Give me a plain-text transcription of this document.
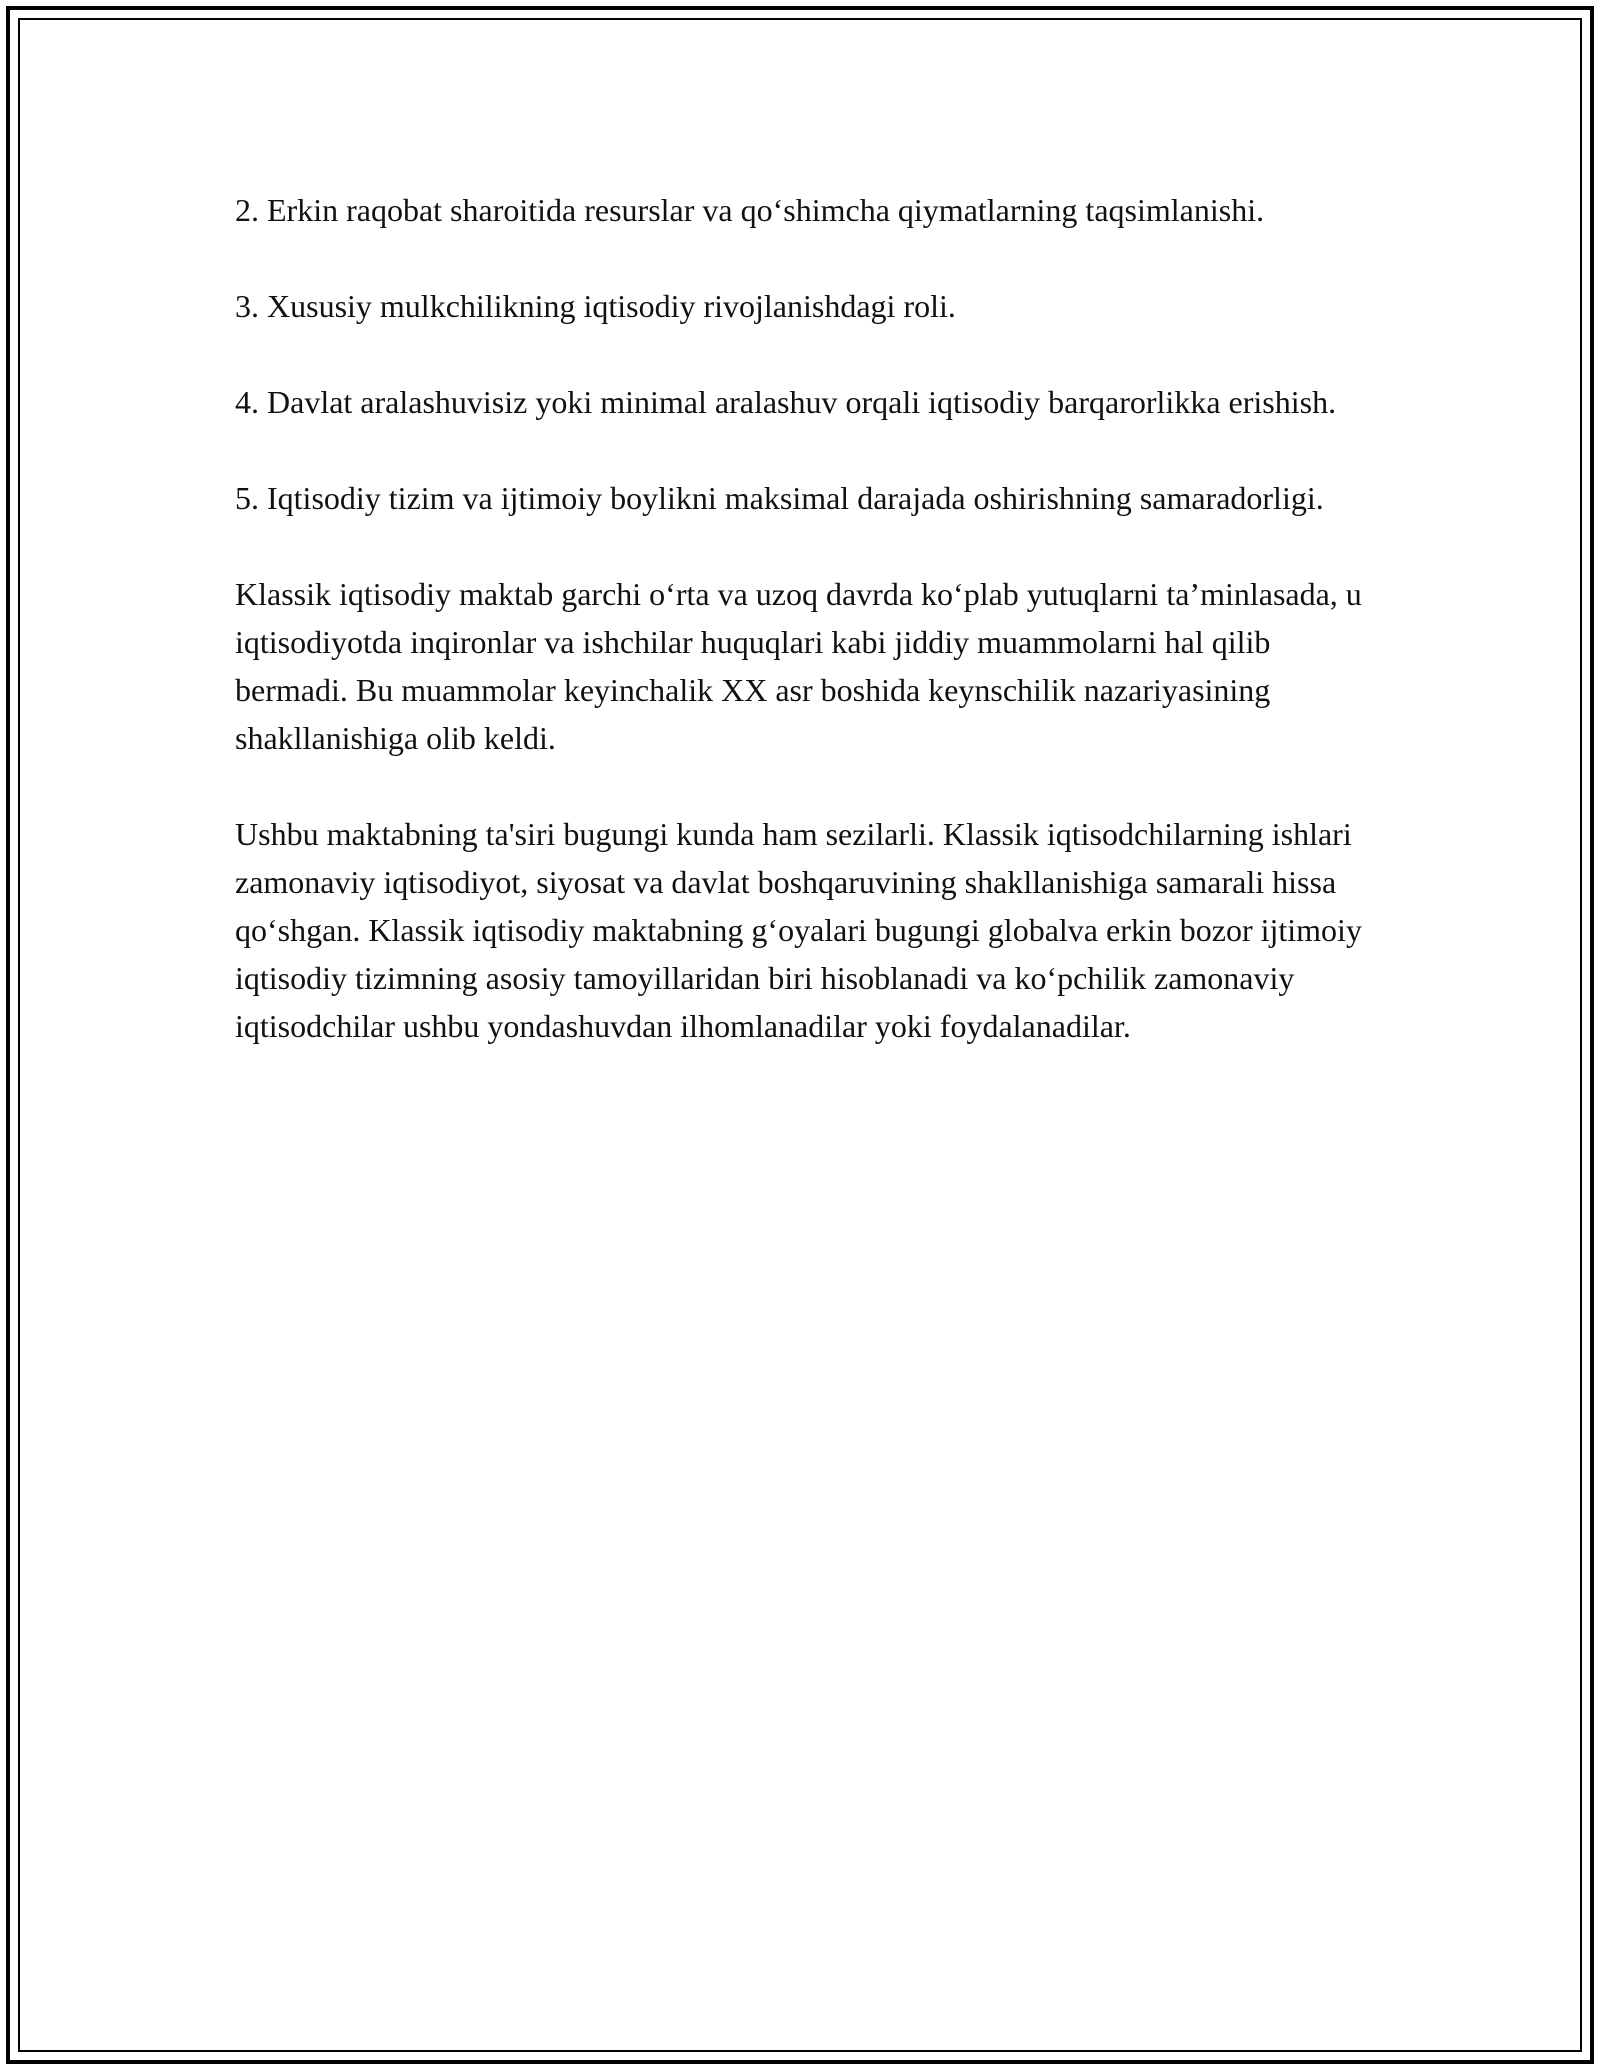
2. Erkin raqobat sharoitida resurslar va qo‘shimcha qiymatlarning taqsimlanishi.

3. Xususiy mulkchilikning iqtisodiy rivojlanishdagi roli.

4. Davlat aralashuvisiz yoki minimal aralashuv orqali iqtisodiy barqarorlikka erishish.

5. Iqtisodiy tizim va ijtimoiy boylikni maksimal darajada oshirishning samaradorligi.

Klassik iqtisodiy maktab garchi o‘rta va uzoq davrda ko‘plab yutuqlarni ta’minlasada, u iqtisodiyotda inqironlar va ishchilar huquqlari kabi jiddiy muammolarni hal qilib bermadi. Bu muammolar keyinchalik XX asr boshida keynschilik nazariyasining shakllanishiga olib keldi.

Ushbu maktabning ta'siri bugungi kunda ham sezilarli. Klassik iqtisodchilarning ishlari zamonaviy iqtisodiyot, siyosat va davlat boshqaruvining shakllanishiga samarali hissa qo‘shgan. Klassik iqtisodiy maktabning g‘oyalari bugungi globalva erkin bozor ijtimoiy iqtisodiy tizimning asosiy tamoyillaridan biri hisoblanadi va ko‘pchilik zamonaviy iqtisodchilar ushbu yondashuvdan ilhomlanadilar yoki foydalanadilar.
